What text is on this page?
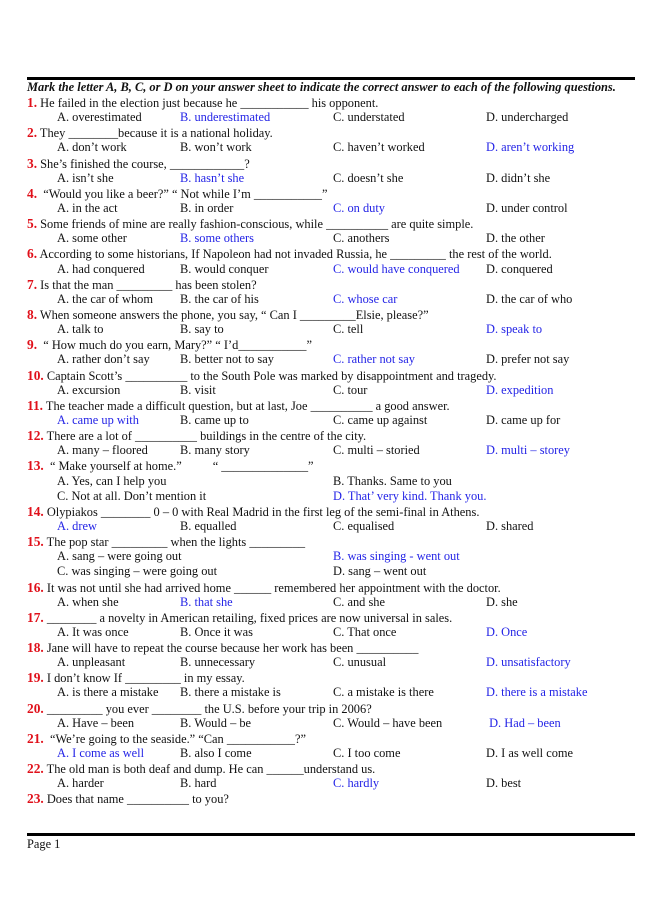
Mark the letter A, B, C, or D on your answer sheet to indicate the correct answer to each of the following questions.
1. He failed in the election just because he ___________ his opponent.
A. overestimated	B. underestimated	C. understated	D. undercharged
2. They ________because it is a national holiday.
A. don’t work	B. won’t work	C. haven’t worked	D. aren’t working
3. She’s finished the course, ____________?
A. isn’t she	B. hasn’t she	C. doesn’t she	D. didn’t she
4.  “Would you like a beer?” “ Not while I’m ___________”
A. in the act	B. in order	C. on duty	D. under control
5. Some friends of mine are really fashion-conscious, while __________ are quite simple.
A. some other	B. some others	C. anothers	D. the other
6. According to some historians, If Napoleon had not invaded Russia, he _________ the rest of the world.
A. had conquered	B. would conquer	C. would have conquered D. conquered
7. Is that the man _________ has been stolen?
A. the car of whom B. the car of his	C. whose car	D. the car of who
8. When someone answers the phone, you say, “ Can I _________Elsie, please?”
A. talk to	B. say to	C. tell	D. speak to
9.  “ How much do you earn, Mary?” “ I’d___________”
A. rather don’t say B. better not to say	C. rather not say	D. prefer not say
10. Captain Scott’s __________ to the South Pole was marked by disappointment and tragedy.
A. excursion	B. visit	C. tour	D. expedition
11. The teacher made a difficult question, but at last, Joe __________ a good answer.
A. came up with	B. came up to	C. came up against	D. came up for
12. There are a lot of __________ buildings in the centre of the city.
A. many – floored	B. many story	C. multi – storied	D. multi – storey
13.  “ Make yourself at home.”          “ ______________”
A. Yes, can I help you	B. Thanks. Same to you
C. Not at all. Don’t mention it	D. That’ very kind. Thank you.
14. Olypiakos ________ 0 – 0 with Real Madrid in the first leg of the semi-final in Athens.
A. drew	B. equalled	C. equalised	D. shared
15. The pop star _________ when the lights _________
A. sang – were going out	B. was singing - went out
C. was singing – were going out	D. sang – went out
16. It was not until she had arrived home ______ remembered her appointment with the doctor.
A. when she	B. that she	C. and she	D. she
17. ________ a novelty in American retailing, fixed prices are now universal in sales.
A. It was once	B. Once it was	C. That once	D. Once
18. Jane will have to repeat the course because her work has been __________
A. unpleasant	B. unnecessary	C. unusual	D. unsatisfactory
19. I don’t know If _________ in my essay.
A. is there a mistake B. there a mistake is	C. a mistake is there	D. there is a mistake
20. _________ you ever ________ the U.S. before your trip in 2006?
A. Have – been	B. Would – be	C. Would – have been	D. Had – been
21.  “We’re going to the seaside.” “Can ___________?”
A. I come as well	B. also I come	C. I too come	D. I as well come
22. The old man is both deaf and dump. He can ______understand us.
A. harder	B. hard	C. hardly	D. best
23. Does that name __________ to you?
Page 1
